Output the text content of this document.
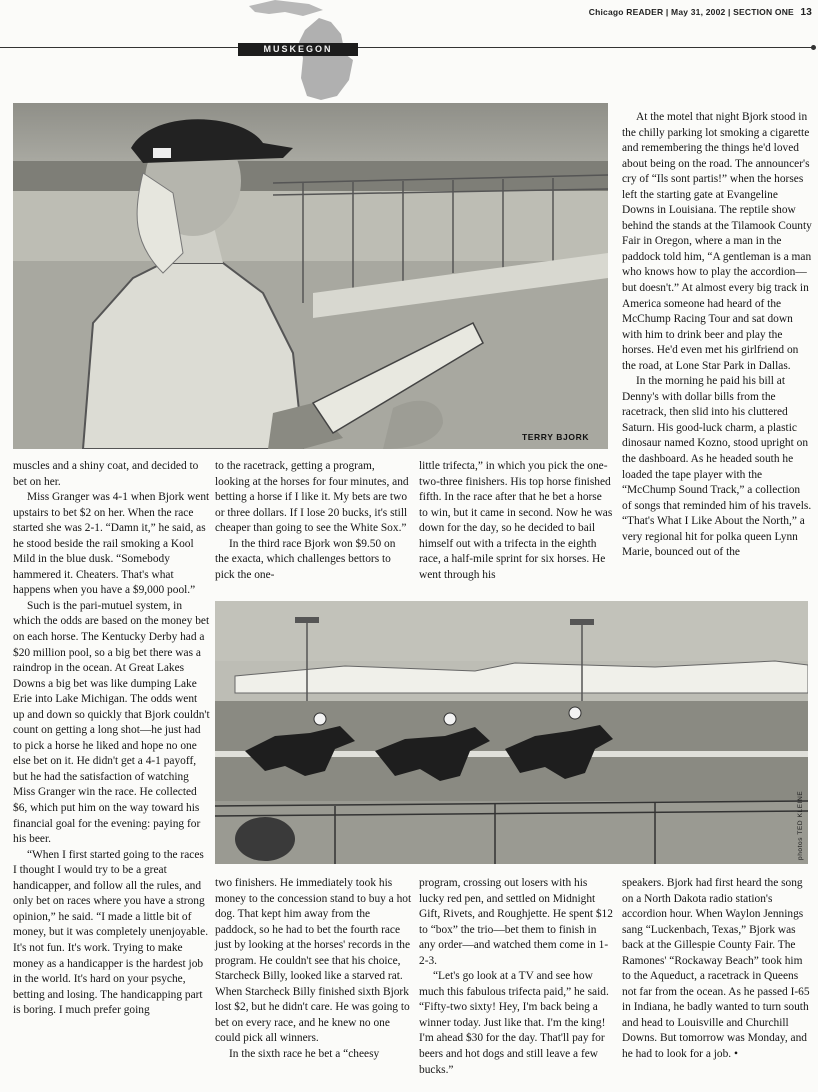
Chicago READER | May 31, 2002 | SECTION ONE 13
MUSKEGON
TERRY BJORK
photos TED KLEINE

muscles and a shiny coat, and decided to bet on her.

Miss Granger was 4-1 when Bjork went upstairs to bet $2 on her. When the race started she was 2-1. “Damn it,” he said, as he stood beside the rail smoking a Kool Mild in the blue dusk. “Somebody hammered it. Cheaters. That's what happens when you have a $9,000 pool.”

Such is the pari-mutuel system, in which the odds are based on the money bet on each horse. The Kentucky Derby had a $20 million pool, so a big bet there was a raindrop in the ocean. At Great Lakes Downs a big bet was like dumping Lake Erie into Lake Michigan. The odds went up and down so quickly that Bjork couldn't count on getting a long shot—he just had to pick a horse he liked and hope no one else bet on it. He didn't get a 4-1 payoff, but he had the satisfaction of watching Miss Granger win the race. He collected $6, which put him on the way toward his financial goal for the evening: paying for his beer.

“When I first started going to the races I thought I would try to be a great handicapper, and follow all the rules, and only bet on races where you have a strong opinion,” he said. “I made a little bit of money, but it was completely unenjoyable. It's not fun. It's work. Trying to make money as a handicapper is the hardest job in the world. It's hard on your psyche, betting and losing. The handicapping part is boring. I much prefer going

to the racetrack, getting a program, looking at the horses for four minutes, and betting a horse if I like it. My bets are two or three dollars. If I lose 20 bucks, it's still cheaper than going to see the White Sox.”

In the third race Bjork won $9.50 on the exacta, which challenges bettors to pick the one-

little trifecta,” in which you pick the one-two-three finishers. His top horse finished fifth. In the race after that he bet a horse to win, but it came in second. Now he was down for the day, so he decided to bail himself out with a trifecta in the eighth race, a half-mile sprint for six horses. He went through his

At the motel that night Bjork stood in the chilly parking lot smoking a cigarette and remembering the things he'd loved about being on the road. The announcer's cry of “Ils sont partis!” when the horses left the starting gate at Evangeline Downs in Louisiana. The reptile show behind the stands at the Tilamook County Fair in Oregon, where a man in the paddock told him, “A gentleman is a man who knows how to play the accordion—but doesn't.” At almost every big track in America someone had heard of the McChump Racing Tour and sat down with him to drink beer and play the horses. He'd even met his girlfriend on the road, at Lone Star Park in Dallas.

In the morning he paid his bill at Denny's with dollar bills from the racetrack, then slid into his cluttered Saturn. His good-luck charm, a plastic dinosaur named Kozno, stood upright on the dashboard. As he headed south he loaded the tape player with the “McChump Sound Track,” a collection of songs that reminded him of his travels. “That's What I Like About the North,” a very regional hit for polka queen Lynn Marie, bounced out of the

two finishers. He immediately took his money to the concession stand to buy a hot dog. That kept him away from the paddock, so he had to bet the fourth race just by looking at the horses' records in the program. He couldn't see that his choice, Starcheck Billy, looked like a starved rat. When Starcheck Billy finished sixth Bjork lost $2, but he didn't care. He was going to bet on every race, and he knew no one could pick all winners.

In the sixth race he bet a “cheesy

program, crossing out losers with his lucky red pen, and settled on Midnight Gift, Rivets, and Roughjette. He spent $12 to “box” the trio—bet them to finish in any order—and watched them come in 1-2-3.

“Let's go look at a TV and see how much this fabulous trifecta paid,” he said. “Fifty-two sixty! Hey, I'm back being a winner today. Just like that. I'm the king! I'm ahead $30 for the day. That'll pay for beers and hot dogs and still leave a few bucks.”

speakers. Bjork had first heard the song on a North Dakota radio station's accordion hour. When Waylon Jennings sang “Luckenbach, Texas,” Bjork was back at the Gillespie County Fair. The Ramones' “Rockaway Beach” took him to the Aqueduct, a racetrack in Queens not far from the ocean. As he passed I-65 in Indiana, he badly wanted to turn south and head to Louisville and Churchill Downs. But tomorrow was Monday, and he had to look for a job. •
